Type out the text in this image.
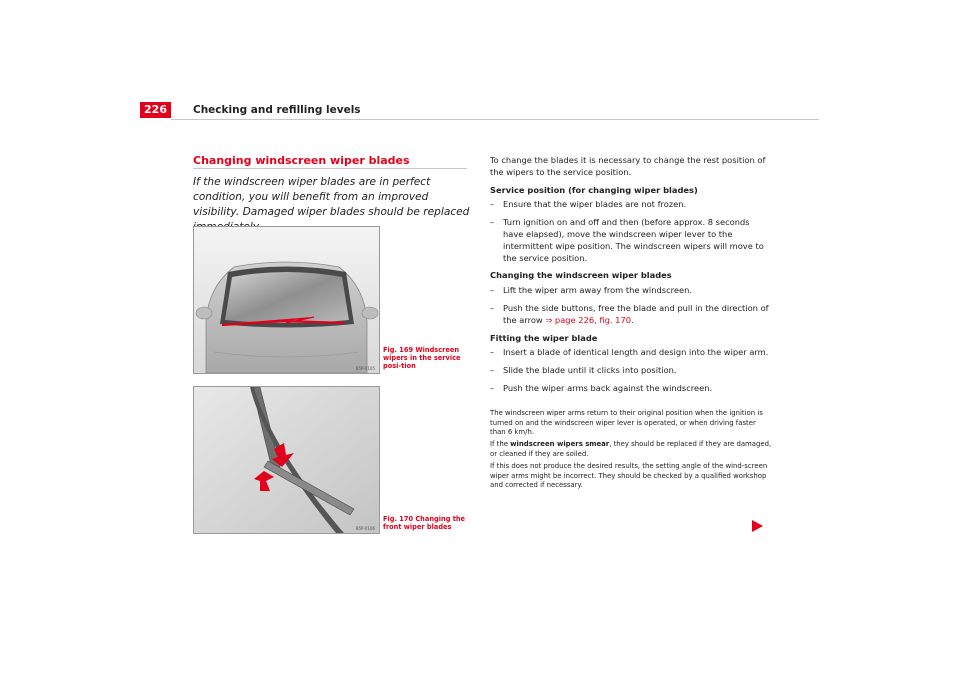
226	Checking and refilling levels
Changing windscreen wiper blades
If the windscreen wiper blades are in perfect condition, you will benefit from an improved visibility. Damaged wiper blades should be replaced
B5P-0105
Fig. 169 Windscreen wipers in the service posi-tion
B5P-0106
Fig. 170 Changing the front wiper blades

To change the blades it is necessary to change the rest position of the wipers to the service position.

Service position (for changing wiper blades)

– Ensure that the wiper blades are not frozen.
– Turn ignition on and off and then (before approx. 8 seconds have elapsed), move the windscreen wiper lever to the intermittent wipe position. The windscreen wipers will move to the service position.

Changing the windscreen wiper blades

– Lift the wiper arm away from the windscreen.
– Push the side buttons, free the blade and pull in the direction of the arrow ⇒ page 226, fig. 170.

Fitting the wiper blade

– Insert a blade of identical length and design into the wiper arm.
– Slide the blade until it clicks into position.
– Push the wiper arms back against the windscreen.

The windscreen wiper arms return to their original position when the ignition is turned on and the windscreen wiper lever is operated, or when driving faster than 6 km/h.

If the windscreen wipers smear, they should be replaced if they are damaged, or cleaned if they are soiled.

If this does not produce the desired results, the setting angle of the wind-screen wiper arms might be incorrect. They should be checked by a qualified workshop and corrected if necessary.
